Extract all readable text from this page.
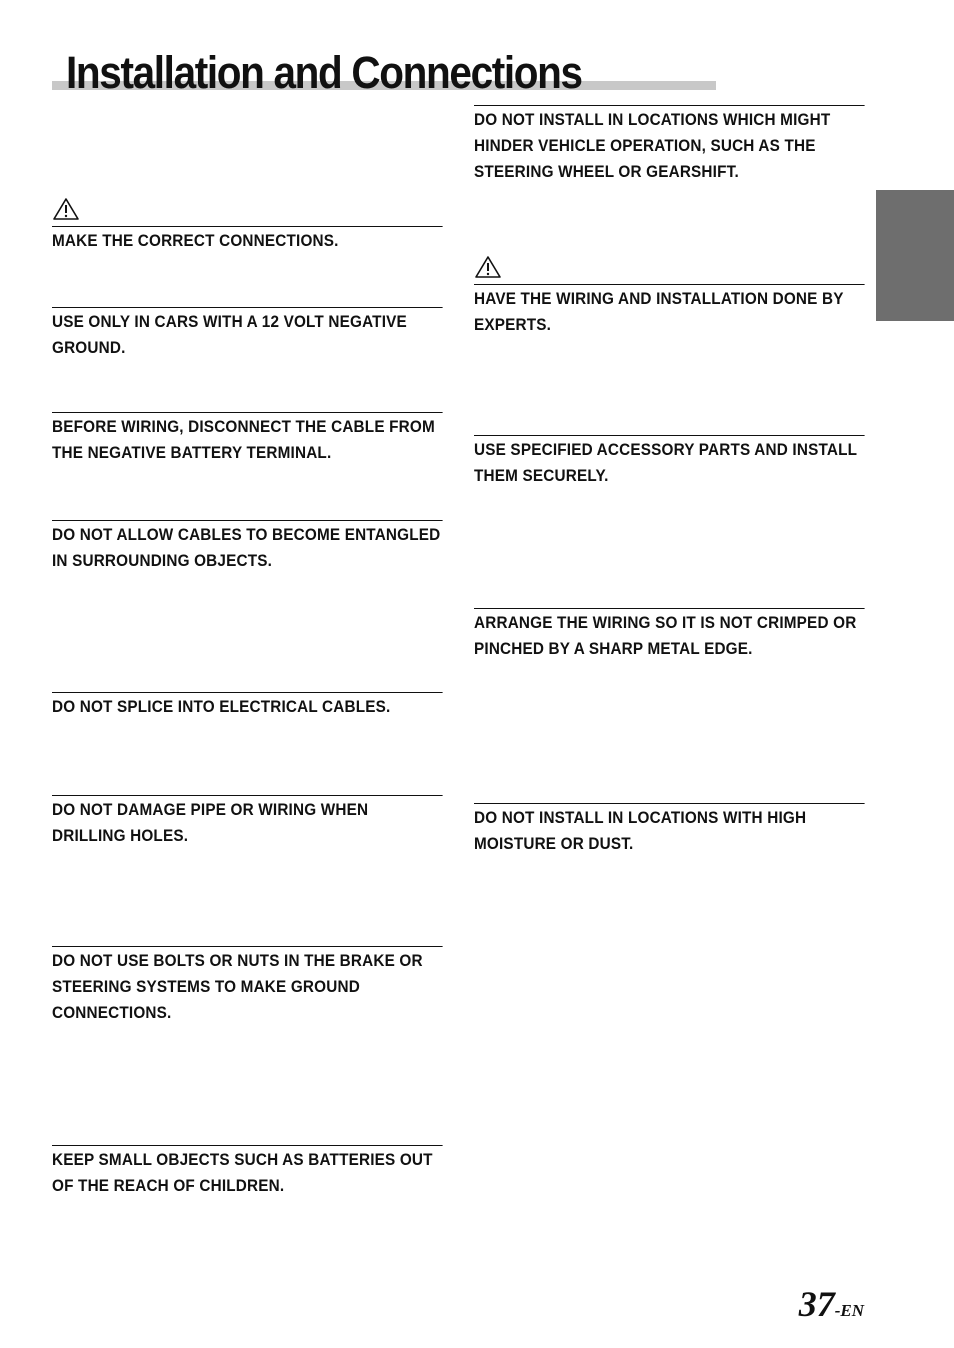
Installation and Connections

MAKE THE CORRECT CONNECTIONS.

USE ONLY IN CARS WITH A 12 VOLT NEGATIVE GROUND.

BEFORE WIRING, DISCONNECT THE CABLE FROM THE NEGATIVE BATTERY TERMINAL.

DO NOT ALLOW CABLES TO BECOME ENTANGLED IN SURROUNDING OBJECTS.

DO NOT SPLICE INTO ELECTRICAL CABLES.

DO NOT DAMAGE PIPE OR WIRING WHEN DRILLING HOLES.

DO NOT USE BOLTS OR NUTS IN THE BRAKE OR STEERING SYSTEMS TO MAKE GROUND CONNECTIONS.

KEEP SMALL OBJECTS SUCH AS BATTERIES OUT OF THE REACH OF CHILDREN.

DO NOT INSTALL IN LOCATIONS WHICH MIGHT HINDER VEHICLE OPERATION, SUCH AS THE STEERING WHEEL OR GEARSHIFT.

HAVE THE WIRING AND INSTALLATION DONE BY EXPERTS.

USE SPECIFIED ACCESSORY PARTS AND INSTALL THEM SECURELY.

ARRANGE THE WIRING SO IT IS NOT CRIMPED OR PINCHED BY A SHARP METAL EDGE.

DO NOT INSTALL IN LOCATIONS WITH HIGH MOISTURE OR DUST.

37-EN
